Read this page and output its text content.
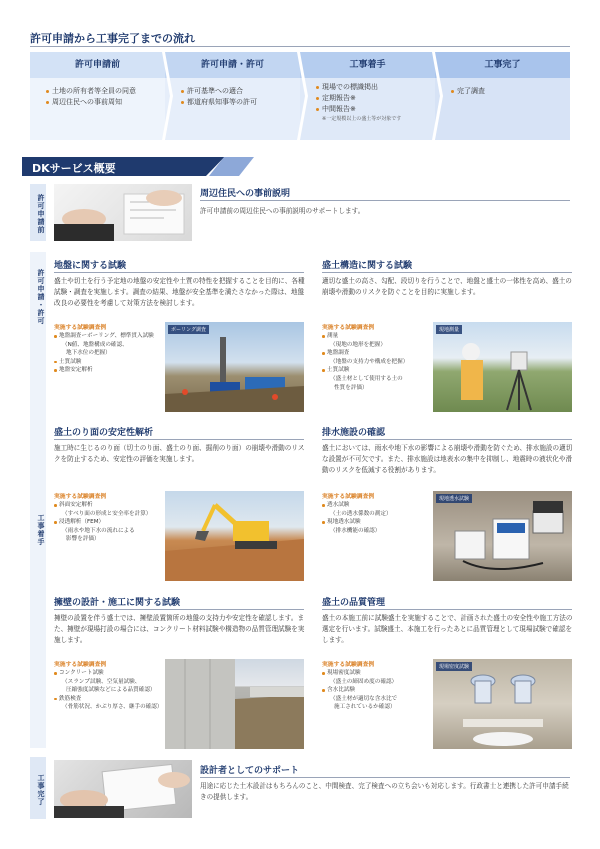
許可申請から工事完了までの流れ
許可申請前
土地の所有者等全員の同意
周辺住民への事前周知
許可申請・許可
許可基準への適合
都道府県知事等の許可
工事着手
現場での標識掲出
定期報告※
中間報告※
※一定規模以上の盛土等が対象です
工事完了
完了調査
DKサービス概要
許可申請前
許可申請・許可
工事着手
工事完了
周辺住民への事前説明
許可申請前の周辺住民への事前説明のサポートします。
地盤に関する試験
盛土や切土を行う予定地の地盤の安定性や土質の特性を把握することを目的に、各種試験・調査を実施します。調査の結果、地盤が安全基準を満たさなかった際は、地盤改良の必要性を考慮して対策方法を検討します。
実施する試験調査例
地盤調査ーボーリング、標準貫入試験
（N値、地盤構成の確認、
地下水位の把握）
土質試験
地盤安定解析
ボーリング調査
盛土構造に関する試験
適切な盛土の高さ、勾配、段切りを行うことで、地盤と盛土の一体性を高め、盛土の崩壊や滑動のリスクを防ぐことを目的に実施します。
実施する試験調査例
測量
（現地の地形を把握）
地盤調査
（地盤の支持力や構成を把握）
土質試験
（盛土材として使用する土の
性質を評価）
現地測量
盛土のり面の安定性解析
施工時に生じるのり面（切土のり面、盛土のり面、掘削のり面）の崩壊や滑動のリスクを防止するため、安定性の評価を実施します。
実施する試験調査例
斜面安定解析
（すべり面の形成と安全率を計算）
浸透解析（FEM）
（雨水や地下水の流れによる
影響を評価）
排水施設の確認
盛土においては、雨水や地下水の影響による崩壊や滑動を防ぐため、排水施設の適切な設置が不可欠です。また、排水施設は地表水の集中を抑制し、地震時の液状化や滑動のリスクを低減する役割があります。
実施する試験調査例
透水試験
（土の透水係数の測定）
現地透水試験
（排水機能の確認）
現地透水試験
擁壁の設計・施工に関する試験
擁壁の設置を伴う盛土では、擁壁設置箇所の地盤の支持力や安定性を確認します。また、擁壁が現場打設の場合には、コンクリート材料試験や構造物の品質管理試験を実施します。
実施する試験調査例
コンクリート試験
（スランプ試験、空気量試験、
圧縮強度試験などによる品質確認）
鉄筋検査
（骨筋状況、かぶり厚さ、継手の確認）
盛土の品質管理
盛土の本施工前に試験盛土を実施することで、計画された盛土の安全性や施工方法の選定を行います。試験盛土、本施工を行ったあとに品質管理として現場試験で確認をします。
実施する試験調査例
現場密度試験
（盛土の締固め度の確認）
含水比試験
（盛土材が適切な含水比で
施工されているか確認）
現場密度試験
設計者としてのサポート
用途に応じた土木設計はもちろんのこと、中間検査、完了検査への立ち会いも対応します。行政書士と連携した許可申請手続きの提供します。
